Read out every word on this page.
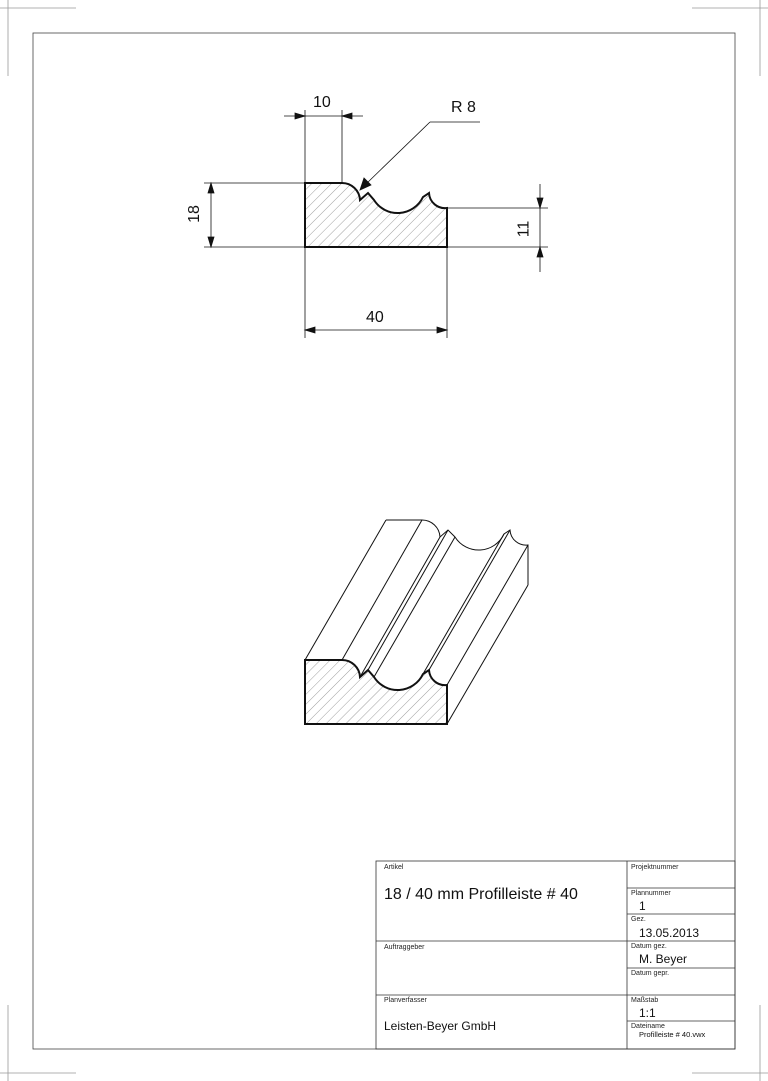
10	R 8
18
11
40
Artikel
18 / 40 mm Profilleiste # 40
Projektnummer
Plannummer
1
Gez.
13.05.2013
Auftraggeber	Datum gez.
M. Beyer
Datum gepr.
Planverfasser
Leisten-Beyer GmbH
Maßstab
1:1
Dateiname
Profilleiste # 40.vwx
